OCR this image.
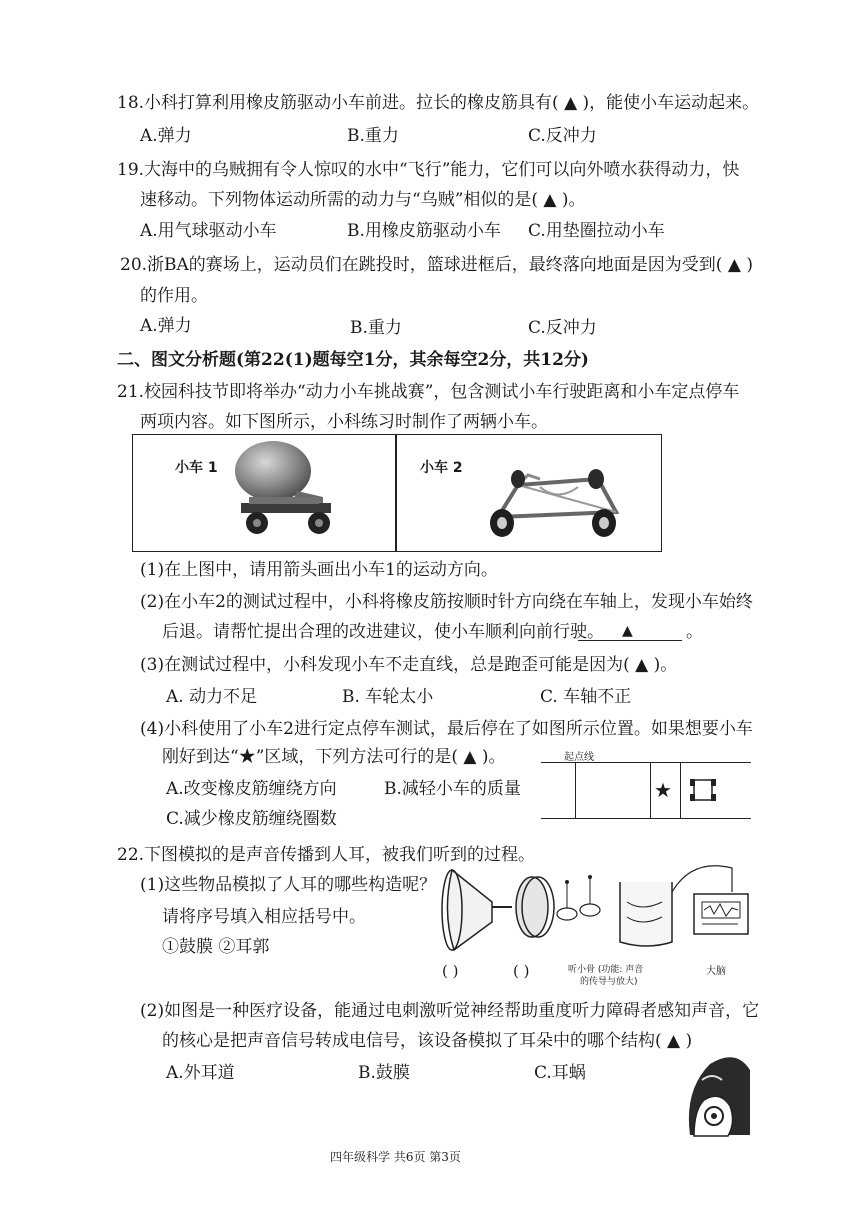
18.小科打算利用橡皮筋驱动小车前进。拉长的橡皮筋具有( ▲ )，能使小车运动起来。
A.弹力	B.重力	C.反冲力
19.大海中的乌贼拥有令人惊叹的水中“飞行”能力，它们可以向外喷水获得动力，快
速移动。下列物体运动所需的动力与“乌贼”相似的是( ▲ )。
A.用气球驱动小车	B.用橡皮筋驱动小车 C.用垫圈拉动小车
20.浙BA的赛场上，运动员们在跳投时，篮球进框后，最终落向地面是因为受到( ▲ )
的作用。
A.弹力	B.重力	C.反冲力
二、图文分析题(第22(1)题每空1分，其余每空2分，共12分)
21.校园科技节即将举办“动力小车挑战赛”，包含测试小车行驶距离和小车定点停车
两项内容。如下图所示，小科练习时制作了两辆小车。
小车 1	小车 2
(1)在上图中，请用箭头画出小车1的运动方向。
(2)在小车2的测试过程中，小科将橡皮筋按顺时针方向绕在车轴上，发现小车始终
后退。请帮忙提出合理的改进建议，使小车顺利向前行驶。 ▲	。
(3)在测试过程中，小科发现小车不走直线，总是跑歪可能是因为( ▲ )。
A. 动力不足	B. 车轮太小	C. 车轴不正
(4)小科使用了小车2进行定点停车测试，最后停在了如图所示位置。如果想要小车
刚好到达“★”区域，下列方法可行的是( ▲ )。
A.改变橡皮筋缠绕方向	B.减轻小车的质量
C.减少橡皮筋缠绕圈数
起点线
★
22.下图模拟的是声音传播到人耳，被我们听到的过程。
(1)这些物品模拟了人耳的哪些构造呢？
请将序号填入相应括号中。
①鼓膜 ②耳郭
( )	( )	听小骨 (功能: 声音
的传导与放大)
大脑
(2)如图是一种医疗设备，能通过电刺激听觉神经帮助重度听力障碍者感知声音，它
的核心是把声音信号转成电信号，该设备模拟了耳朵中的哪个结构( ▲ )
A.外耳道	B.鼓膜	C.耳蜗
四年级科学 共6页 第3页
